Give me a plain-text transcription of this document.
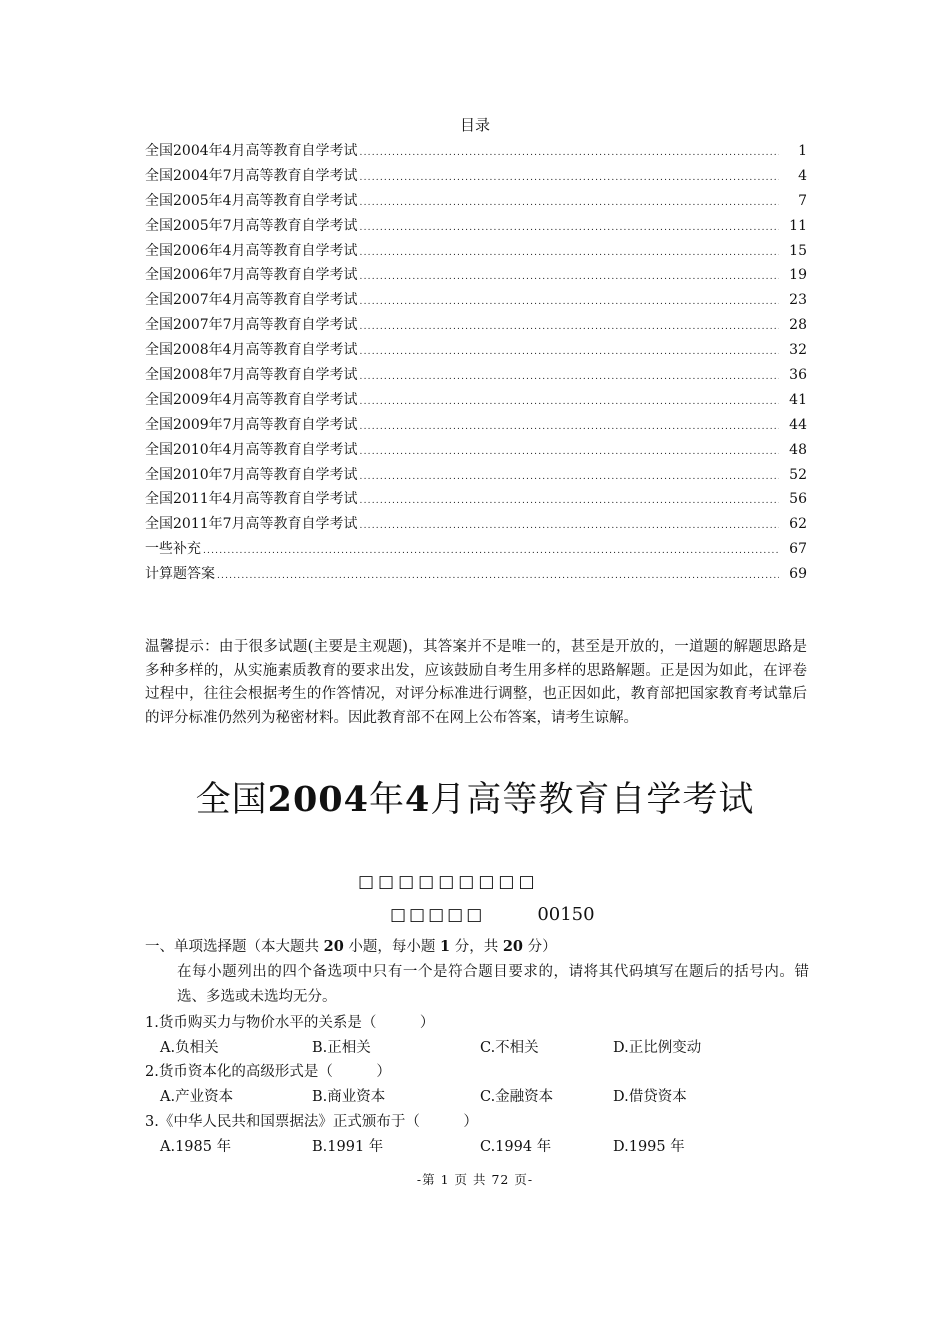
目录
全国2004年4月高等教育自学考试 .....	1
全国2004年7月高等教育自学考试 .....	4
全国2005年4月高等教育自学考试 .....	7
全国2005年7月高等教育自学考试 .....	11
全国2006年4月高等教育自学考试 .....	15
全国2006年7月高等教育自学考试 .....	19
全国2007年4月高等教育自学考试 .....	23
全国2007年7月高等教育自学考试 .....	28
全国2008年4月高等教育自学考试 .....	32
全国2008年7月高等教育自学考试 .....	36
全国2009年4月高等教育自学考试 .....	41
全国2009年7月高等教育自学考试 .....	44
全国2010年4月高等教育自学考试 .....	48
全国2010年7月高等教育自学考试 .....	52
全国2011年4月高等教育自学考试 .....	56
全国2011年7月高等教育自学考试 .....	62
一些补充 .....	67
计算题答案 .....	69
温馨提示：由于很多试题(主要是主观题)，其答案并不是唯一的，甚至是开放的，一道题的解题思路是多种多样的，从实施素质教育的要求出发，应该鼓励自考生用多样的思路解题。正是因为如此，在评卷过程中，往往会根据考生的作答情况，对评分标准进行调整，也正因如此，教育部把国家教育考试靠后的评分标准仍然列为秘密材料。因此教育部不在网上公布答案，请考生谅解。
全国2004年4月高等教育自学考试
□□□□□□□□□
□□□□□	00150
一、单项选择题（本大题共 20 小题，每小题 1 分，共 20 分）
在每小题列出的四个备选项中只有一个是符合题目要求的，请将其代码填写在题后的括号内。错选、多选或未选均无分。
1.货币购买力与物价水平的关系是（　　　）
A.负相关	B.正相关	C.不相关	D.正比例变动
2.货币资本化的高级形式是（　　　）
A.产业资本	B.商业资本	C.金融资本	D.借贷资本
3.《中华人民共和国票据法》正式颁布于（　　　）
A.1985 年	B.1991 年	C.1994 年	D.1995 年
-第 1 页 共 72 页-
